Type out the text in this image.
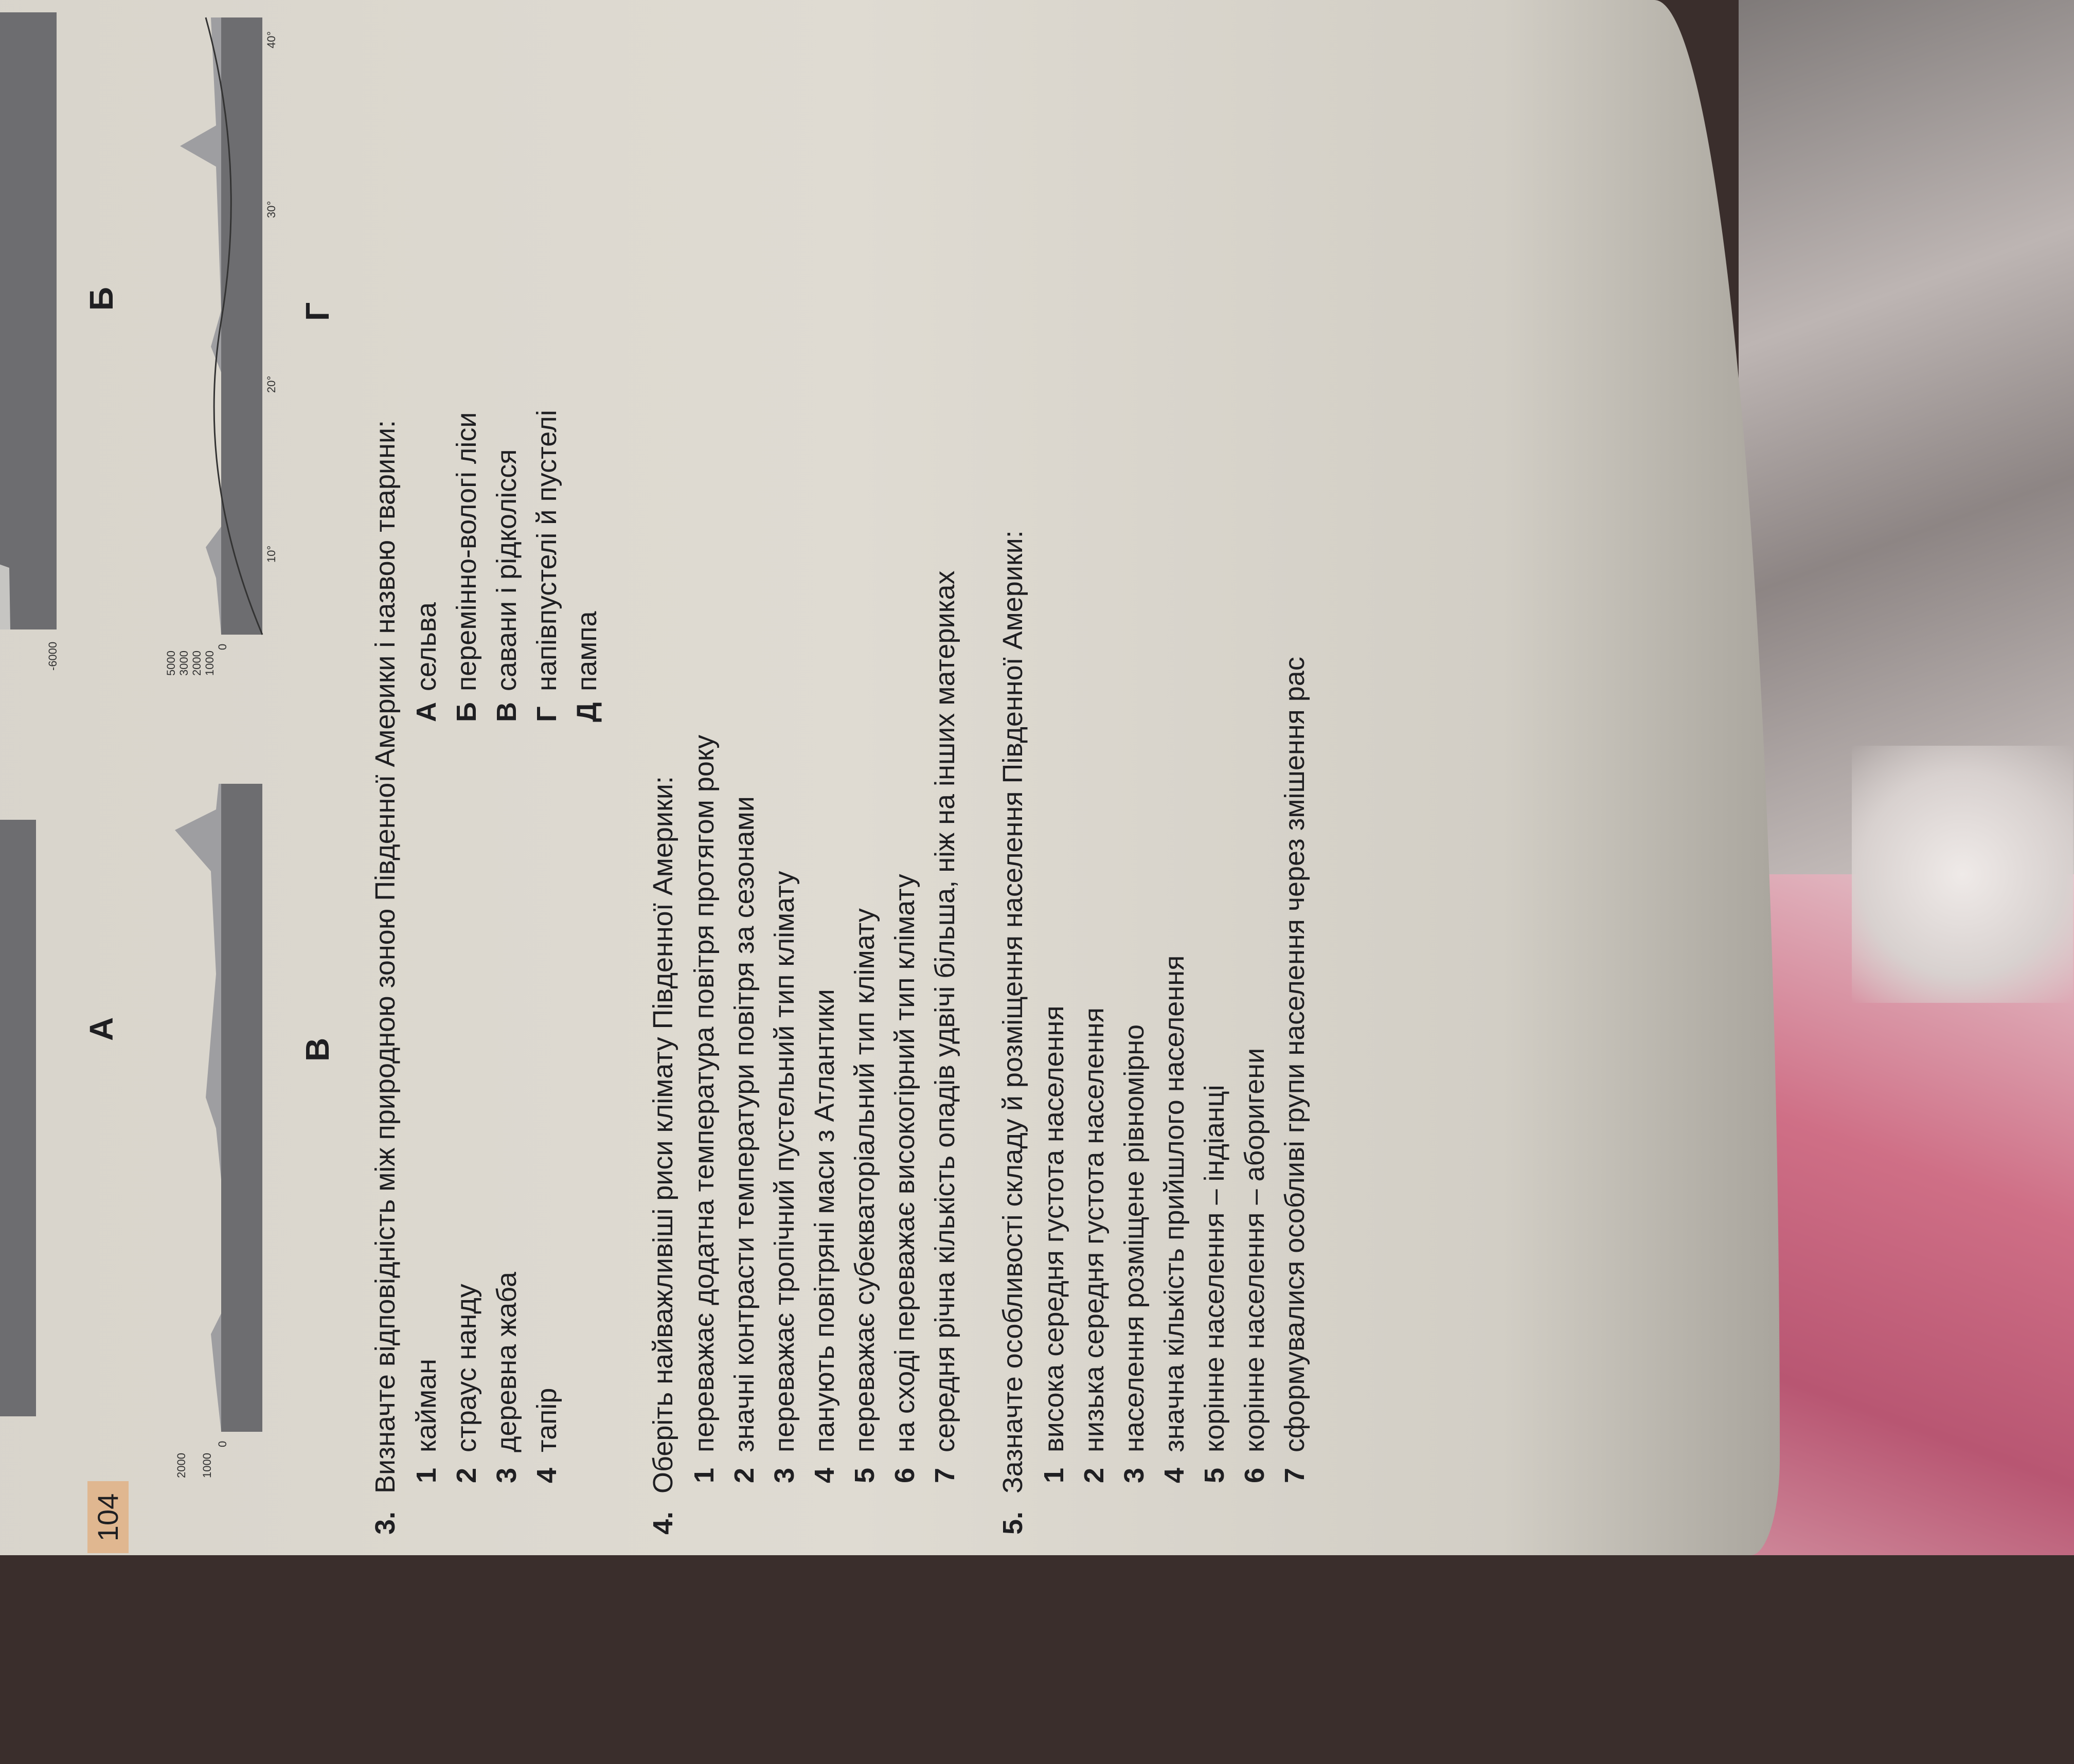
А
-6000
Б
2000 1000
0
В
5000 3000 2000 1000
0
10°
20°
30°
40°
Г
3.Визначте відповідність між природною зоною Південної Америки і назвою тварини: 1
кайман
2
страус нанду
3
деревна жаба
4
тапір
А
сельва
Б
перемінно-вологі ліси
В
савани і рідколісся
Г
напівпустелі й пустелі
Д
пампа
4.Оберіть найважливіші риси клімату Південної Америки: 1
переважає додатна температура повітря протягом року
2
значні контрасти температури повітря за сезонами
3
переважає тропічний пустельний тип клімату
4
панують повітряні маси з Атлантики
5
переважає субекваторіальний тип клімату
6
на сході переважає високогірний тип клімату
7
середня річна кількість опадів удвічі більша, ніж на інших материках
5.Зазначте особливості складу й розміщення населення Південної Америки: 1
висока середня густота населення
2
низька середня густота населення
3
населення розміщене рівномірно
4
значна кількість прийшлого населення
5
корінне населення – індіанці
6
корінне населення – аборигени
7
сформувалися особливі групи населення через змішення рас
104
